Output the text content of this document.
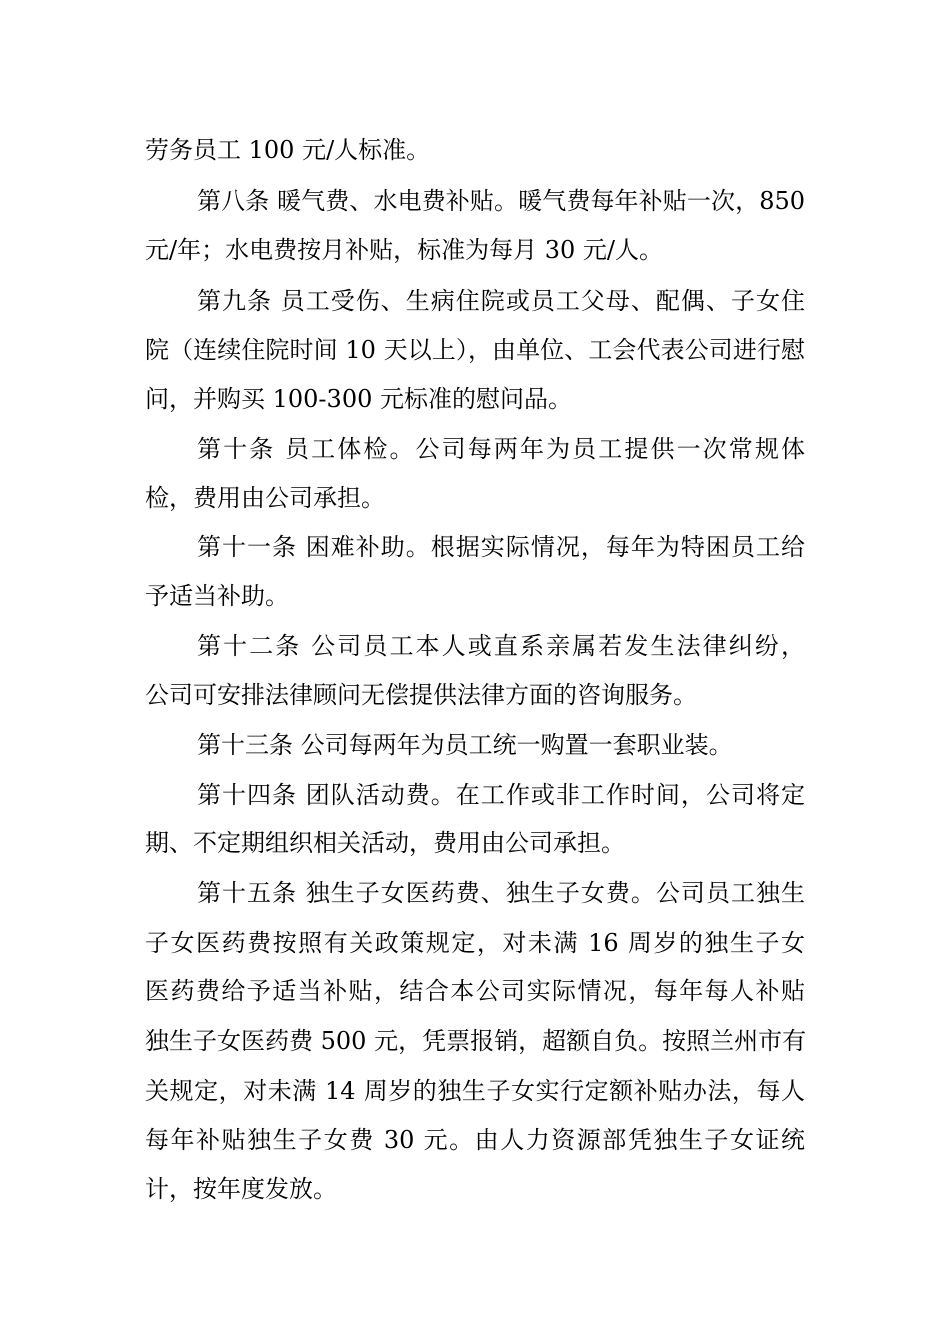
劳务员工 100 元/人标准。
第八条 暖气费、水电费补贴。暖气费每年补贴一次，850
元/年；水电费按月补贴，标准为每月 30 元/人。
第九条 员工受伤、生病住院或员工父母、配偶、子女住
院（连续住院时间 10 天以上），由单位、工会代表公司进行慰
问，并购买 100-300 元标准的慰问品。
第十条 员工体检。公司每两年为员工提供一次常规体
检，费用由公司承担。
第十一条 困难补助。根据实际情况，每年为特困员工给
予适当补助。
第十二条 公司员工本人或直系亲属若发生法律纠纷，
公司可安排法律顾问无偿提供法律方面的咨询服务。
第十三条 公司每两年为员工统一购置一套职业装。
第十四条 团队活动费。在工作或非工作时间，公司将定
期、不定期组织相关活动，费用由公司承担。
第十五条 独生子女医药费、独生子女费。公司员工独生
子女医药费按照有关政策规定，对未满 16 周岁的独生子女
医药费给予适当补贴，结合本公司实际情况，每年每人补贴
独生子女医药费 500 元，凭票报销，超额自负。按照兰州市有
关规定，对未满 14 周岁的独生子女实行定额补贴办法，每人
每年补贴独生子女费 30 元。由人力资源部凭独生子女证统
计，按年度发放。
